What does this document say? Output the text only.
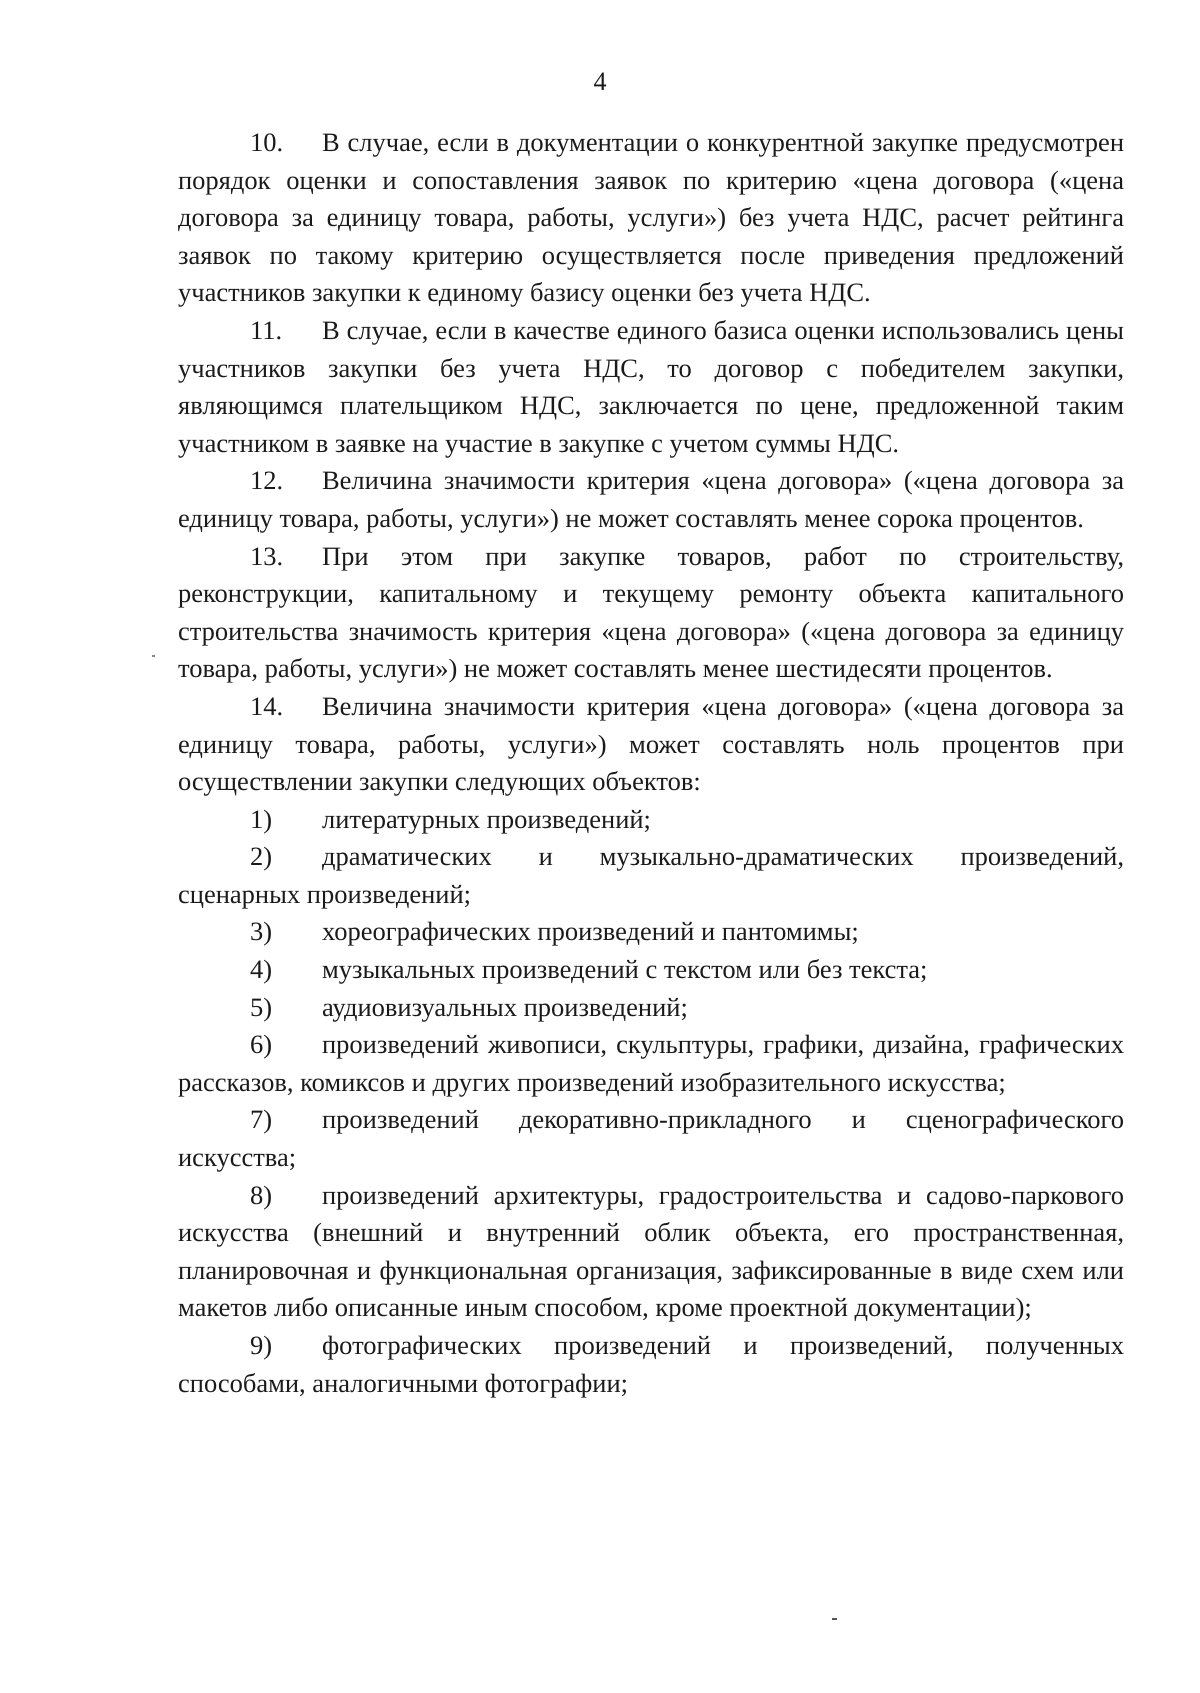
4

10. В случае, если в документации о конкурентной закупке предусмотрен порядок оценки и сопоставления заявок по критерию «цена договора («цена договора за единицу товара, работы, услуги») без учета НДС, расчет рейтинга заявок по такому критерию осуществляется после приведения предложений участников закупки к единому базису оценки без учета НДС.

11. В случае, если в качестве единого базиса оценки использовались цены участников закупки без учета НДС, то договор с победителем закупки, являющимся плательщиком НДС, заключается по цене, предложенной таким участником в заявке на участие в закупке с учетом суммы НДС.

12. Величина значимости критерия «цена договора» («цена договора за единицу товара, работы, услуги») не может составлять менее сорока процентов.

13. При этом при закупке товаров, работ по строительству, реконструкции, капитальному и текущему ремонту объекта капитального строительства значимость критерия «цена договора» («цена договора за единицу товара, работы, услуги») не может составлять менее шестидесяти процентов.

14. Величина значимости критерия «цена договора» («цена договора за единицу товара, работы, услуги») может составлять ноль процентов при осуществлении закупки следующих объектов:

1) литературных произведений;

2) драматических и музыкально-драматических произведений, сценарных произведений;

3) хореографических произведений и пантомимы;

4) музыкальных произведений с текстом или без текста;

5) аудиовизуальных произведений;

6) произведений живописи, скульптуры, графики, дизайна, графических рассказов, комиксов и других произведений изобразительного искусства;

7) произведений декоративно-прикладного и сценографического искусства;

8) произведений архитектуры, градостроительства и садово-паркового искусства (внешний и внутренний облик объекта, его пространственная, планировочная и функциональная организация, зафиксированные в виде схем или макетов либо описанные иным способом, кроме проектной документации);

9) фотографических произведений и произведений, полученных способами, аналогичными фотографии;
